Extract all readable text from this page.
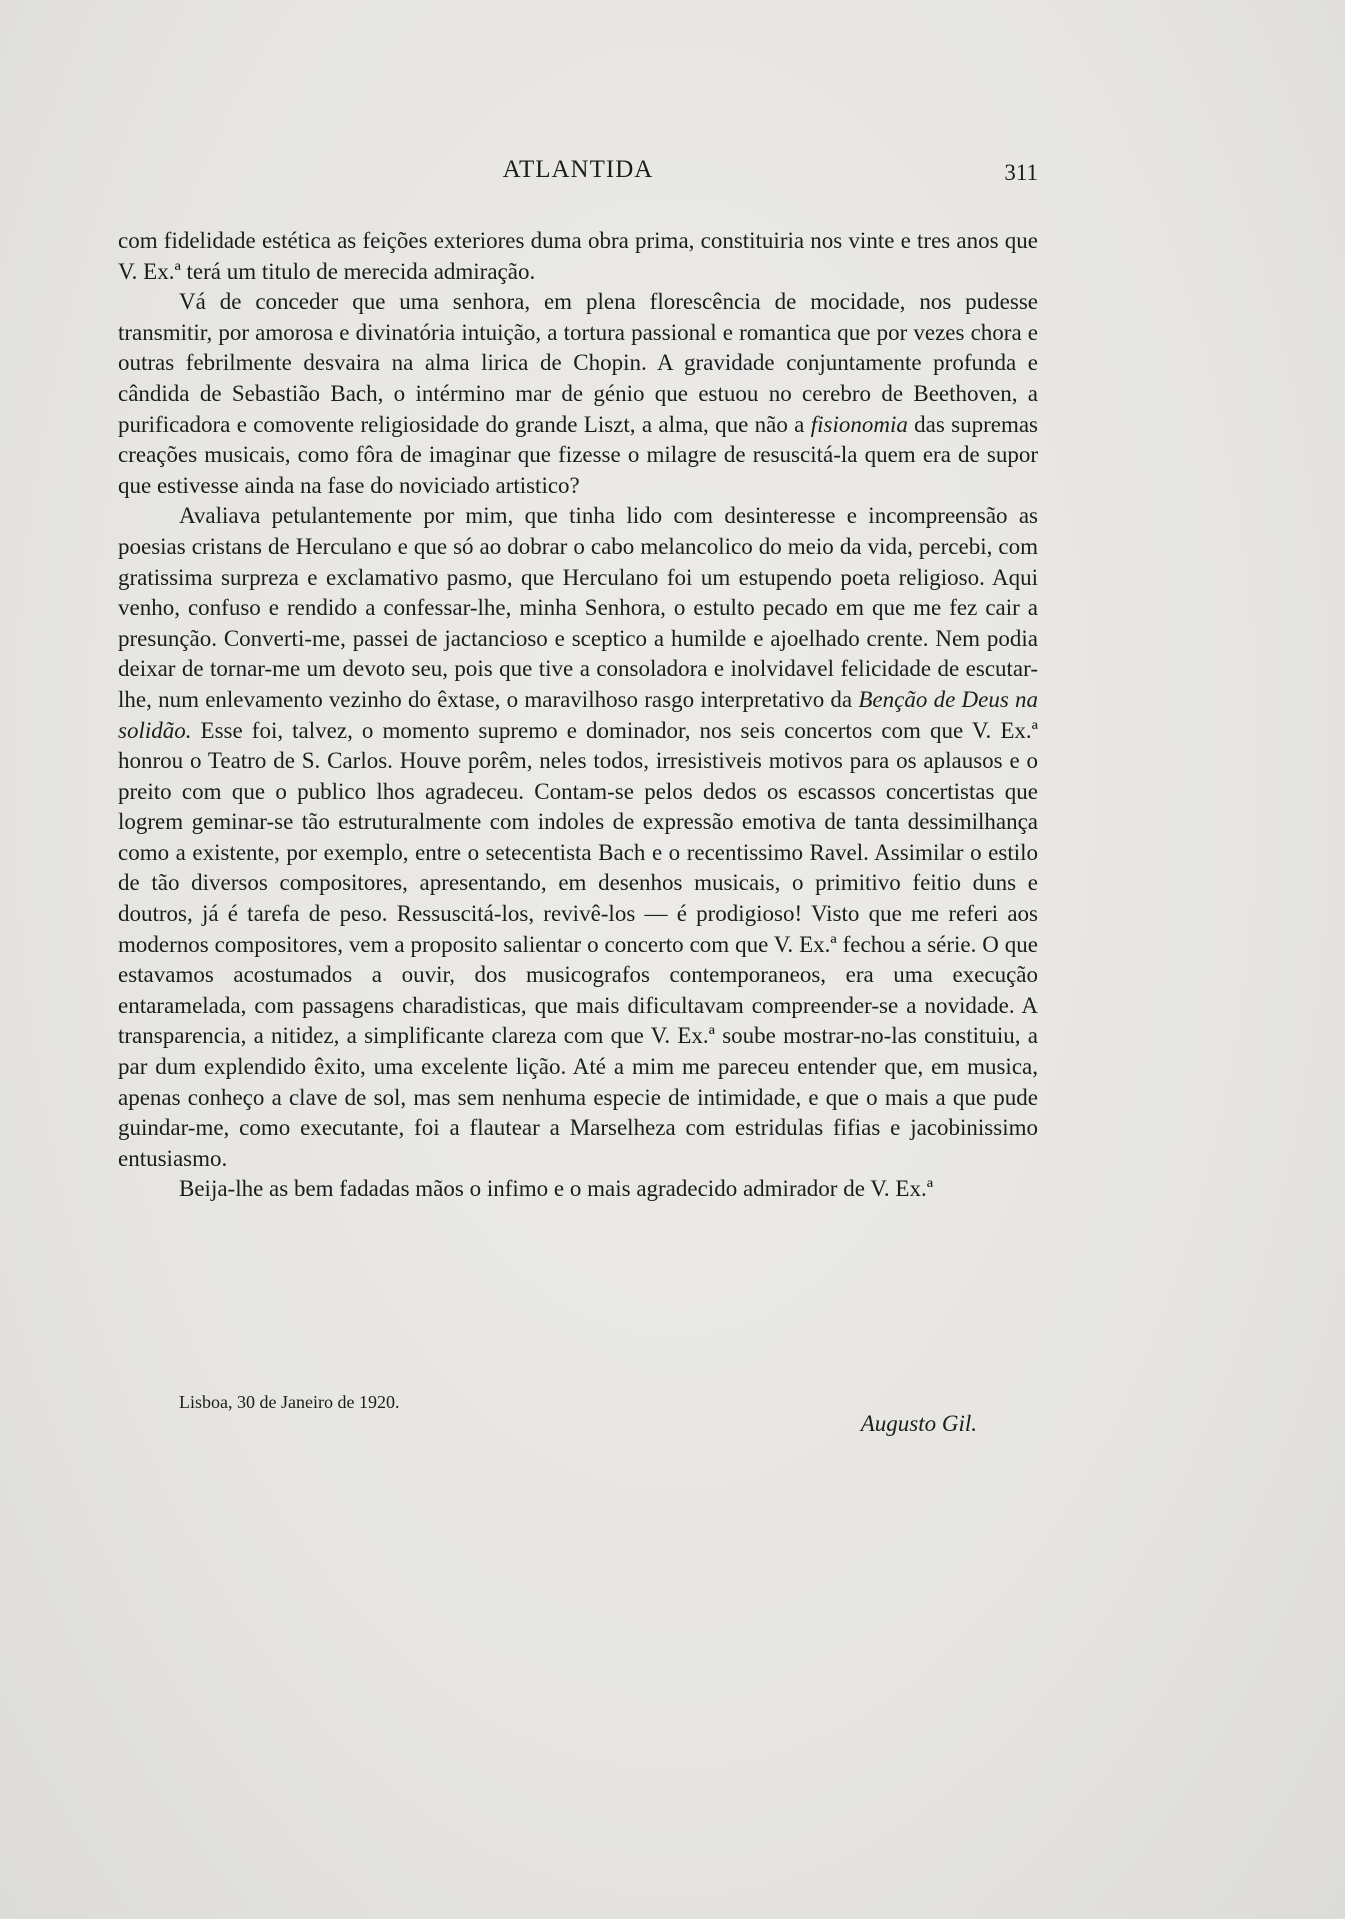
ATLANTIDA	311

com fidelidade estética as feições exteriores duma obra prima, constituiria nos vinte e tres anos que V. Ex.ª terá um titulo de merecida admiração.

Vá de conceder que uma senhora, em plena florescência de mocidade, nos pudesse transmitir, por amorosa e divinatória intuição, a tortura passional e romantica que por vezes chora e outras febrilmente desvaira na alma lirica de Chopin. A gravidade conjuntamente profunda e cândida de Sebastião Bach, o intérmino mar de génio que estuou no cerebro de Beethoven, a purificadora e comovente religiosidade do grande Liszt, a alma, que não a fisionomia das supremas creações musicais, como fôra de imaginar que fizesse o milagre de resuscitá-la quem era de supor que estivesse ainda na fase do noviciado artistico?

Avaliava petulantemente por mim, que tinha lido com desinteresse e incompreensão as poesias cristans de Herculano e que só ao dobrar o cabo melancolico do meio da vida, percebi, com gratissima surpreza e exclamativo pasmo, que Herculano foi um estupendo poeta religioso. Aqui venho, confuso e rendido a confessar-lhe, minha Senhora, o estulto pecado em que me fez cair a presunção. Converti-me, passei de jactancioso e sceptico a humilde e ajoelhado crente. Nem podia deixar de tornar-me um devoto seu, pois que tive a consoladora e inolvidavel felicidade de escutar-lhe, num enlevamento vezinho do êxtase, o maravilhoso rasgo interpretativo da Benção de Deus na solidão. Esse foi, talvez, o momento supremo e dominador, nos seis concertos com que V. Ex.ª honrou o Teatro de S. Carlos. Houve porêm, neles todos, irresistiveis motivos para os aplausos e o preito com que o publico lhos agradeceu. Contam-se pelos dedos os escassos concertistas que logrem geminar-se tão estruturalmente com indoles de expressão emotiva de tanta dessimilhança como a existente, por exemplo, entre o setecentista Bach e o recentissimo Ravel. Assimilar o estilo de tão diversos compositores, apresentando, em desenhos musicais, o primitivo feitio duns e doutros, já é tarefa de peso. Ressuscitá-los, revivê-los — é prodigioso! Visto que me referi aos modernos compositores, vem a proposito salientar o concerto com que V. Ex.ª fechou a série. O que estavamos acostumados a ouvir, dos musicografos contemporaneos, era uma execução entaramelada, com passagens charadisticas, que mais dificultavam compreender-se a novidade. A transparencia, a nitidez, a simplificante clareza com que V. Ex.ª soube mostrar-no-las constituiu, a par dum explendido êxito, uma excelente lição. Até a mim me pareceu entender que, em musica, apenas conheço a clave de sol, mas sem nenhuma especie de intimidade, e que o mais a que pude guindar-me, como executante, foi a flautear a Marselheza com estridulas fifias e jacobinissimo entusiasmo.

Beija-lhe as bem fadadas mãos o infimo e o mais agradecido admirador de V. Ex.ª

Lisboa, 30 de Janeiro de 1920.
Augusto Gil.
